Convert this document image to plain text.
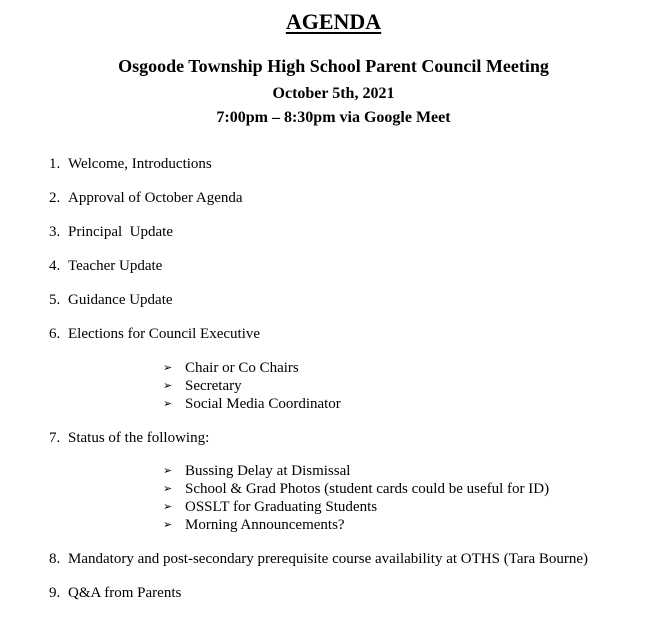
AGENDA
Osgoode Township High School Parent Council Meeting
October 5th, 2021
7:00pm – 8:30pm via Google Meet
1. Welcome, Introductions
2. Approval of October Agenda
3. Principal  Update
4. Teacher Update
5. Guidance Update
6. Elections for Council Executive
➢ Chair or Co Chairs
➢ Secretary
➢ Social Media Coordinator
7. Status of the following:
➢ Bussing Delay at Dismissal
➢ School & Grad Photos (student cards could be useful for ID)
➢ OSSLT for Graduating Students
➢ Morning Announcements?
8. Mandatory and post-secondary prerequisite course availability at OTHS (Tara Bourne)
9. Q&A from Parents
